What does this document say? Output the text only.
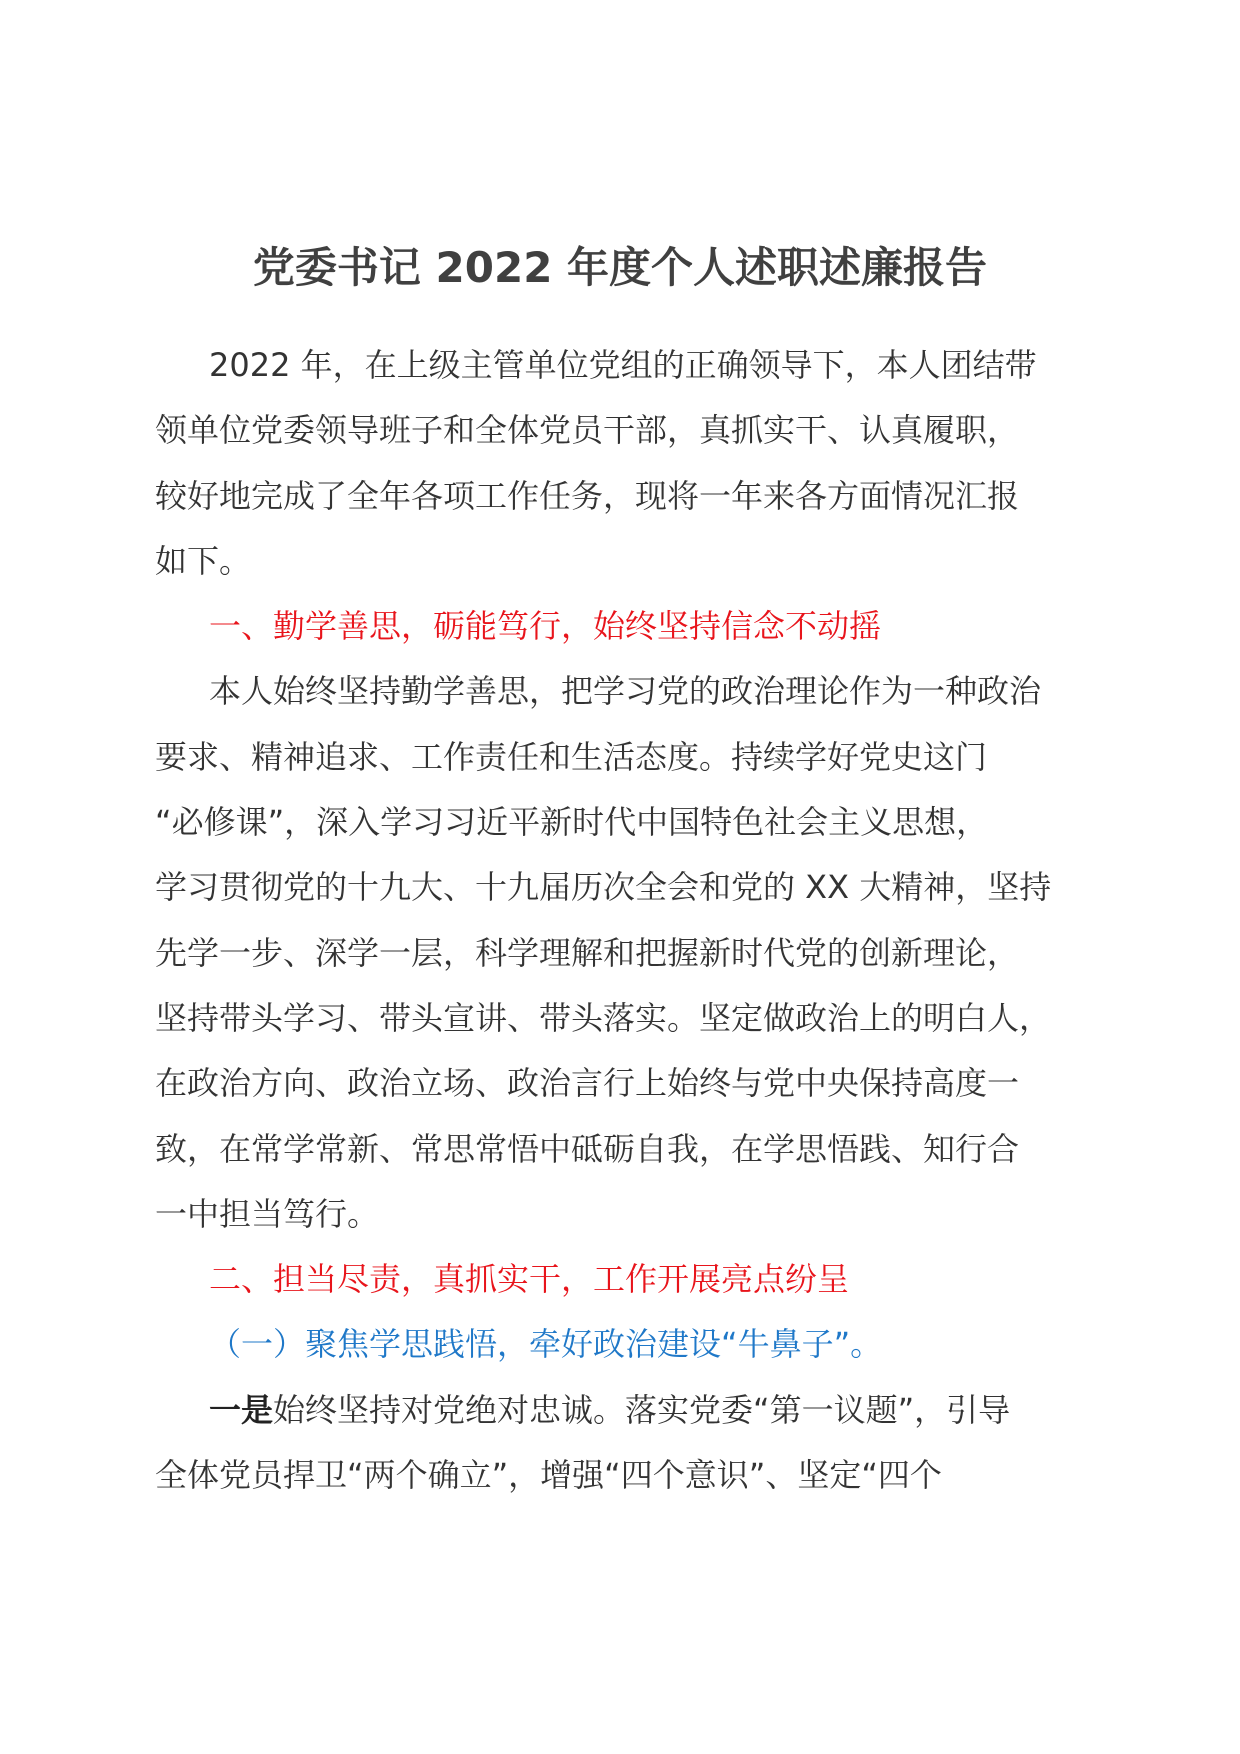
党委书记 2022 年度个人述职述廉报告
2022 年，在上级主管单位党组的正确领导下，本人团结带
领单位党委领导班子和全体党员干部，真抓实干、认真履职，
较好地完成了全年各项工作任务，现将一年来各方面情况汇报
如下。
一、勤学善思，砺能笃行，始终坚持信念不动摇
本人始终坚持勤学善思，把学习党的政治理论作为一种政治
要求、精神追求、工作责任和生活态度。持续学好党史这门
“必修课”，深入学习习近平新时代中国特色社会主义思想，
学习贯彻党的十九大、十九届历次全会和党的 XX 大精神，坚持
先学一步、深学一层，科学理解和把握新时代党的创新理论，
坚持带头学习、带头宣讲、带头落实。坚定做政治上的明白人，
在政治方向、政治立场、政治言行上始终与党中央保持高度一
致，在常学常新、常思常悟中砥砺自我，在学思悟践、知行合
一中担当笃行。
二、担当尽责，真抓实干，工作开展亮点纷呈
（一）聚焦学思践悟，牵好政治建设“牛鼻子”。
一是始终坚持对党绝对忠诚。落实党委“第一议题”，引导
全体党员捍卫“两个确立”，增强“四个意识”、坚定“四个
